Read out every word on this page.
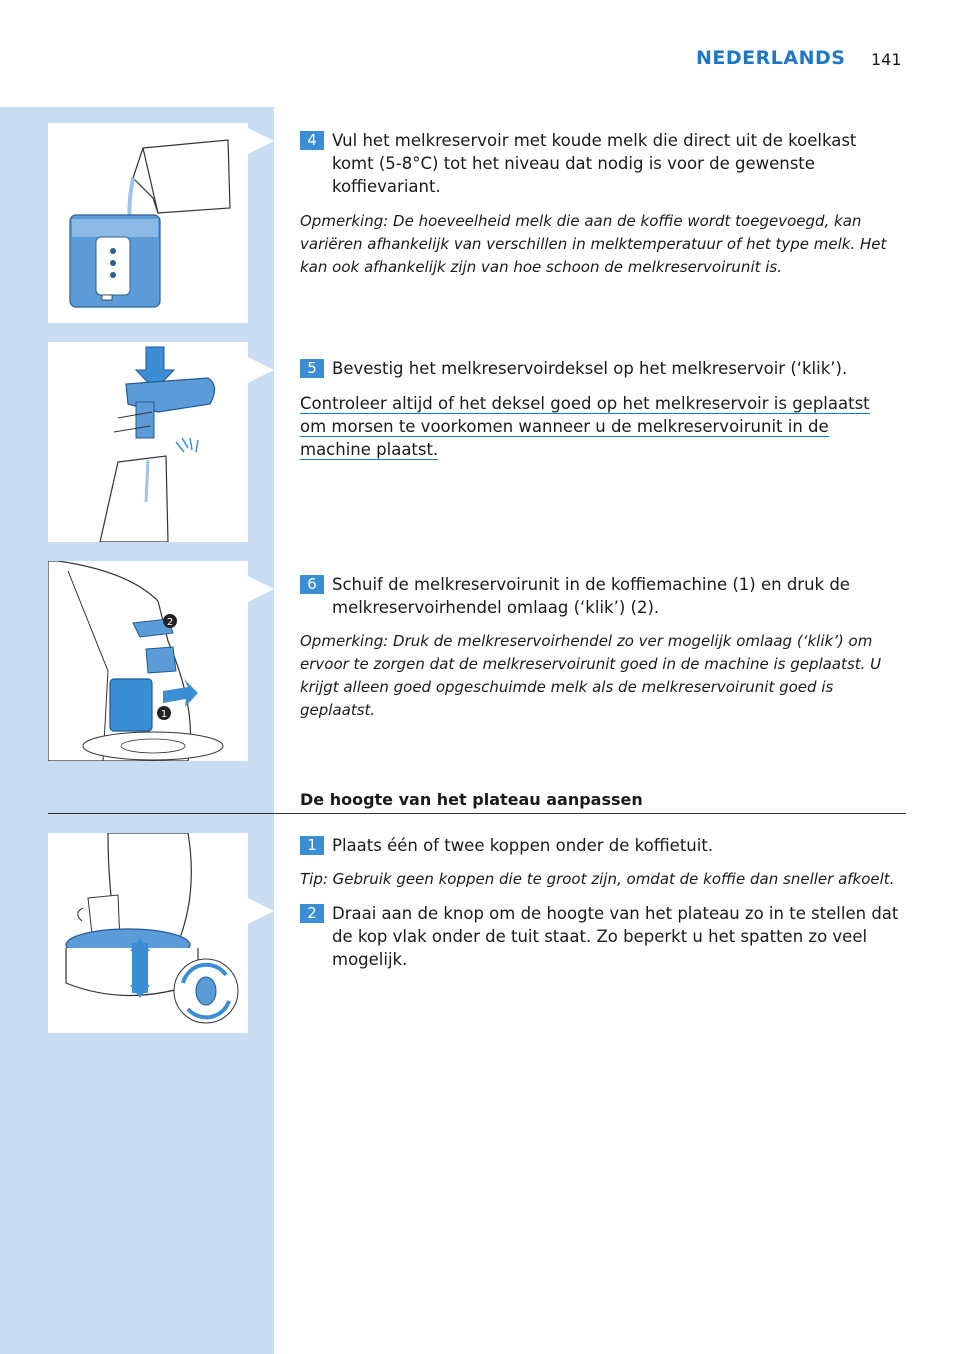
NEDERLANDS 141
1
2
4 Vul het melkreservoir met koude melk die direct uit de koelkast komt (5-8°C) tot het niveau dat nodig is voor de gewenste koffievariant.
Opmerking: De hoeveelheid melk die aan de koffie wordt toegevoegd, kan variëren afhankelijk van verschillen in melktemperatuur of het type melk. Het kan ook afhankelijk zijn van hoe schoon de melkreservoirunit is.
5 Bevestig het melkreservoirdeksel op het melkreservoir (‘klik’).
Controleer altijd of het deksel goed op het melkreservoir is geplaatst om morsen te voorkomen wanneer u de melkreservoirunit in de machine plaatst.
6 Schuif de melkreservoirunit in de koffiemachine (1) en druk de melkreservoirhendel omlaag (‘klik’) (2).
Opmerking: Druk de melkreservoirhendel zo ver mogelijk omlaag (‘klik’) om ervoor te zorgen dat de melkreservoirunit goed in de machine is geplaatst. U krijgt alleen goed opgeschuimde melk als de melkreservoirunit goed is geplaatst.
De hoogte van het plateau aanpassen
1 Plaats één of twee koppen onder de koffietuit.
Tip: Gebruik geen koppen die te groot zijn, omdat de koffie dan sneller afkoelt.
2 Draai aan de knop om de hoogte van het plateau zo in te stellen dat de kop vlak onder de tuit staat. Zo beperkt u het spatten zo veel mogelijk.
